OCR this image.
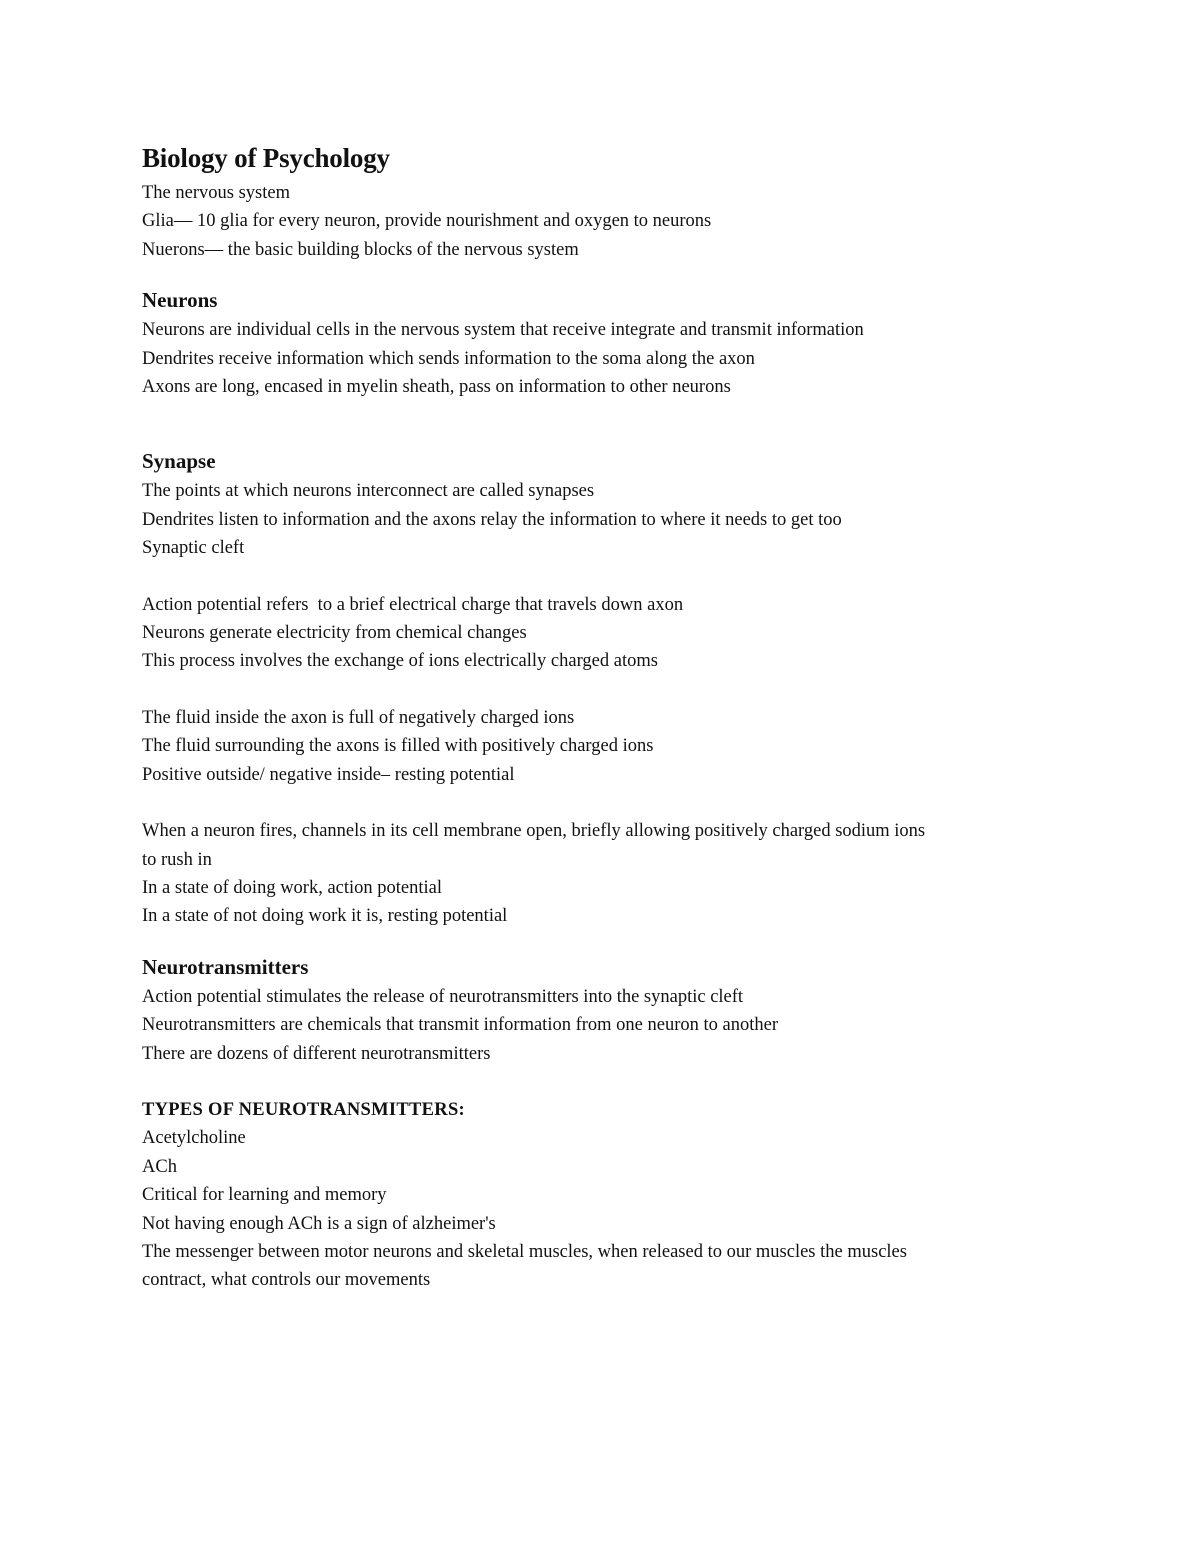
Biology of Psychology

The nervous system

Glia— 10 glia for every neuron, provide nourishment and oxygen to neurons

Nuerons— the basic building blocks of the nervous system

Neurons

Neurons are individual cells in the nervous system that receive integrate and transmit information

Dendrites receive information which sends information to the soma along the axon

Axons are long, encased in myelin sheath, pass on information to other neurons

Synapse

The points at which neurons interconnect are called synapses

Dendrites listen to information and the axons relay the information to where it needs to get too

Synaptic cleft

Action potential refers  to a brief electrical charge that travels down axon

Neurons generate electricity from chemical changes

This process involves the exchange of ions electrically charged atoms

The fluid inside the axon is full of negatively charged ions

The fluid surrounding the axons is filled with positively charged ions

Positive outside/ negative inside– resting potential

When a neuron fires, channels in its cell membrane open, briefly allowing positively charged sodium ions

to rush in

In a state of doing work, action potential

In a state of not doing work it is, resting potential

Neurotransmitters

Action potential stimulates the release of neurotransmitters into the synaptic cleft

Neurotransmitters are chemicals that transmit information from one neuron to another

There are dozens of different neurotransmitters

TYPES OF NEUROTRANSMITTERS:

Acetylcholine

ACh

Critical for learning and memory

Not having enough ACh is a sign of alzheimer's

The messenger between motor neurons and skeletal muscles, when released to our muscles the muscles

contract, what controls our movements
